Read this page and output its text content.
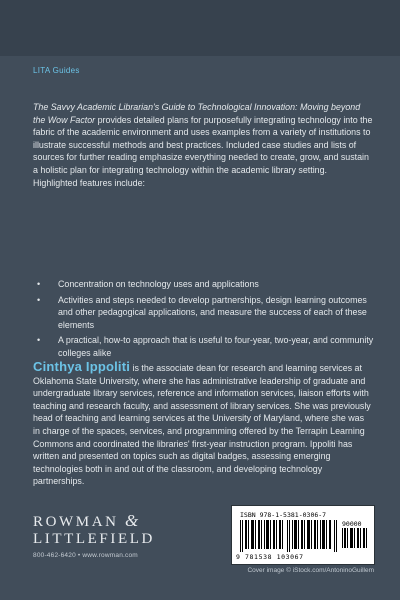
LITA Guides
The Savvy Academic Librarian's Guide to Technological Innovation: Moving beyond the Wow Factor provides detailed plans for purposefully integrating technology into the fabric of the academic environment and uses examples from a variety of institutions to illustrate successful methods and best practices. Included case studies and lists of sources for further reading emphasize everything needed to create, grow, and sustain a holistic plan for integrating technology within the academic library setting. Highlighted features include:
• Concentration on technology uses and applications
• Activities and steps needed to develop partnerships, design learning outcomes and other pedagogical applications, and measure the success of each of these elements
• A practical, how-to approach that is useful to four-year, two-year, and community colleges alike
Cinthya Ippoliti is the associate dean for research and learning services at Oklahoma State University, where she has administrative leadership of graduate and undergraduate library services, reference and information services, liaison efforts with teaching and research faculty, and assessment of library services. She was previously head of teaching and learning services at the University of Maryland, where she was in charge of the spaces, services, and programming offered by the Terrapin Learning Commons and coordinated the libraries' first-year instruction program. Ippoliti has written and presented on topics such as digital badges, assessing emerging technologies both in and out of the classroom, and developing technology partnerships.
ROWMAN &
LITTLEFIELD
800-462-6420 • www.rowman.com
ISBN 978-1-5381-0306-7
90000
9 781538 103067
Cover image © iStock.com/AntoninoGuillem
